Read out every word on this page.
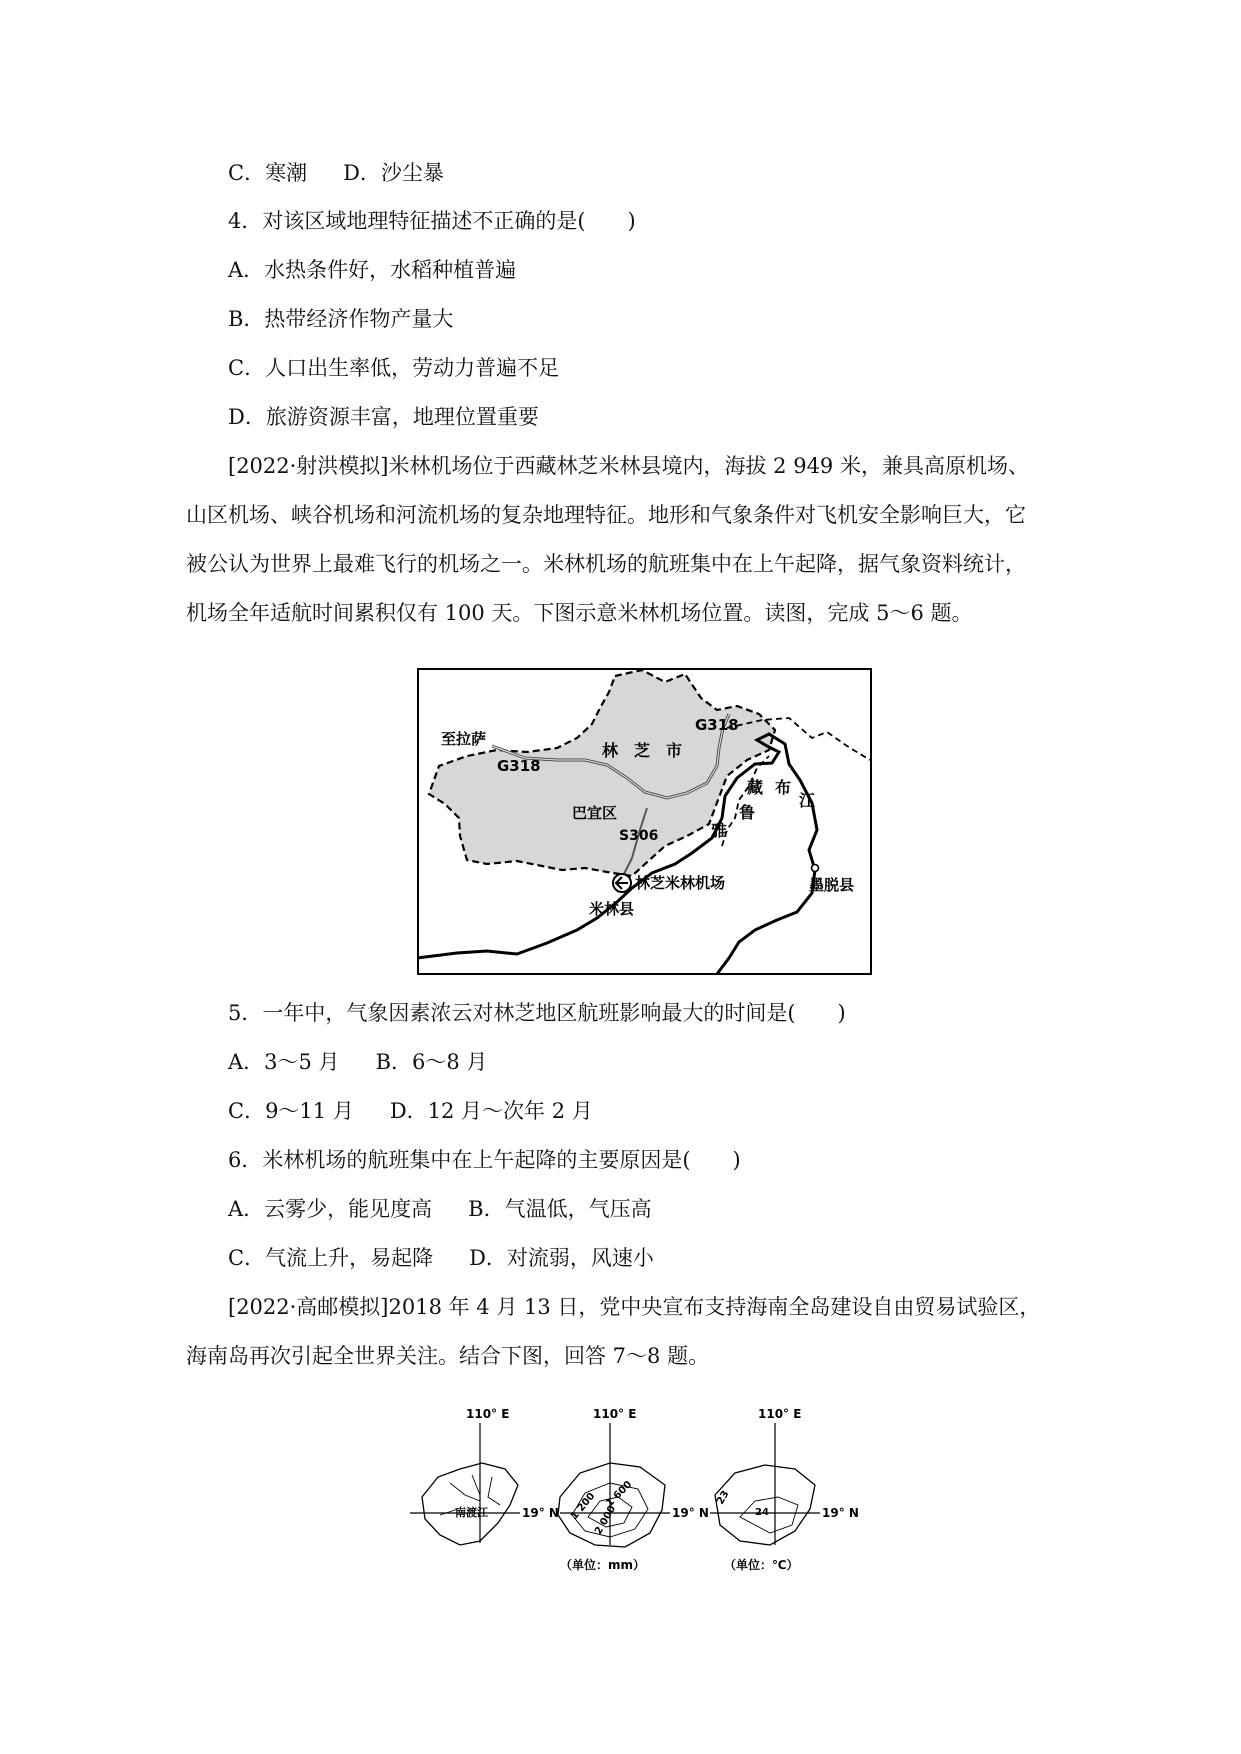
C．寒潮 D．沙尘暴
4．对该区域地理特征描述不正确的是(　　)
A．水热条件好，水稻种植普遍
B．热带经济作物产量大
C．人口出生率低，劳动力普遍不足
D．旅游资源丰富，地理位置重要
[2022·射洪模拟]米林机场位于西藏林芝米林县境内，海拔 2 949 米，兼具高原机场、
山区机场、峡谷机场和河流机场的复杂地理特征。地形和气象条件对飞机安全影响巨大，它
被公认为世界上最难飞行的机场之一。米林机场的航班集中在上午起降，据气象资料统计，
机场全年适航时间累积仅有 100 天。下图示意米林机场位置。读图，完成 5～6 题。
至拉萨
G318
G318
林　芝　市
巴宜区
S306
藏 布
江
雅
鲁
林芝米林机场
米林县
墨脱县
5．一年中，气象因素浓云对林芝地区航班影响最大的时间是(　　)
A．3～5 月 B．6～8 月
C．9～11 月 D．12 月～次年 2 月
6．米林机场的航班集中在上午起降的主要原因是(　　)
A．云雾少，能见度高 B．气温低，气压高
C．气流上升，易起降 D．对流弱，风速小
[2022·高邮模拟]2018 年 4 月 13 日，党中央宣布支持海南全岛建设自由贸易试验区，
海南岛再次引起全世界关注。结合下图，回答 7～8 题。
110° E
南渡江	19° N
110° E
1 200 1 600
2 000	19° N
（单位：mm）
110° E
23
24	19° N
（单位：℃）
